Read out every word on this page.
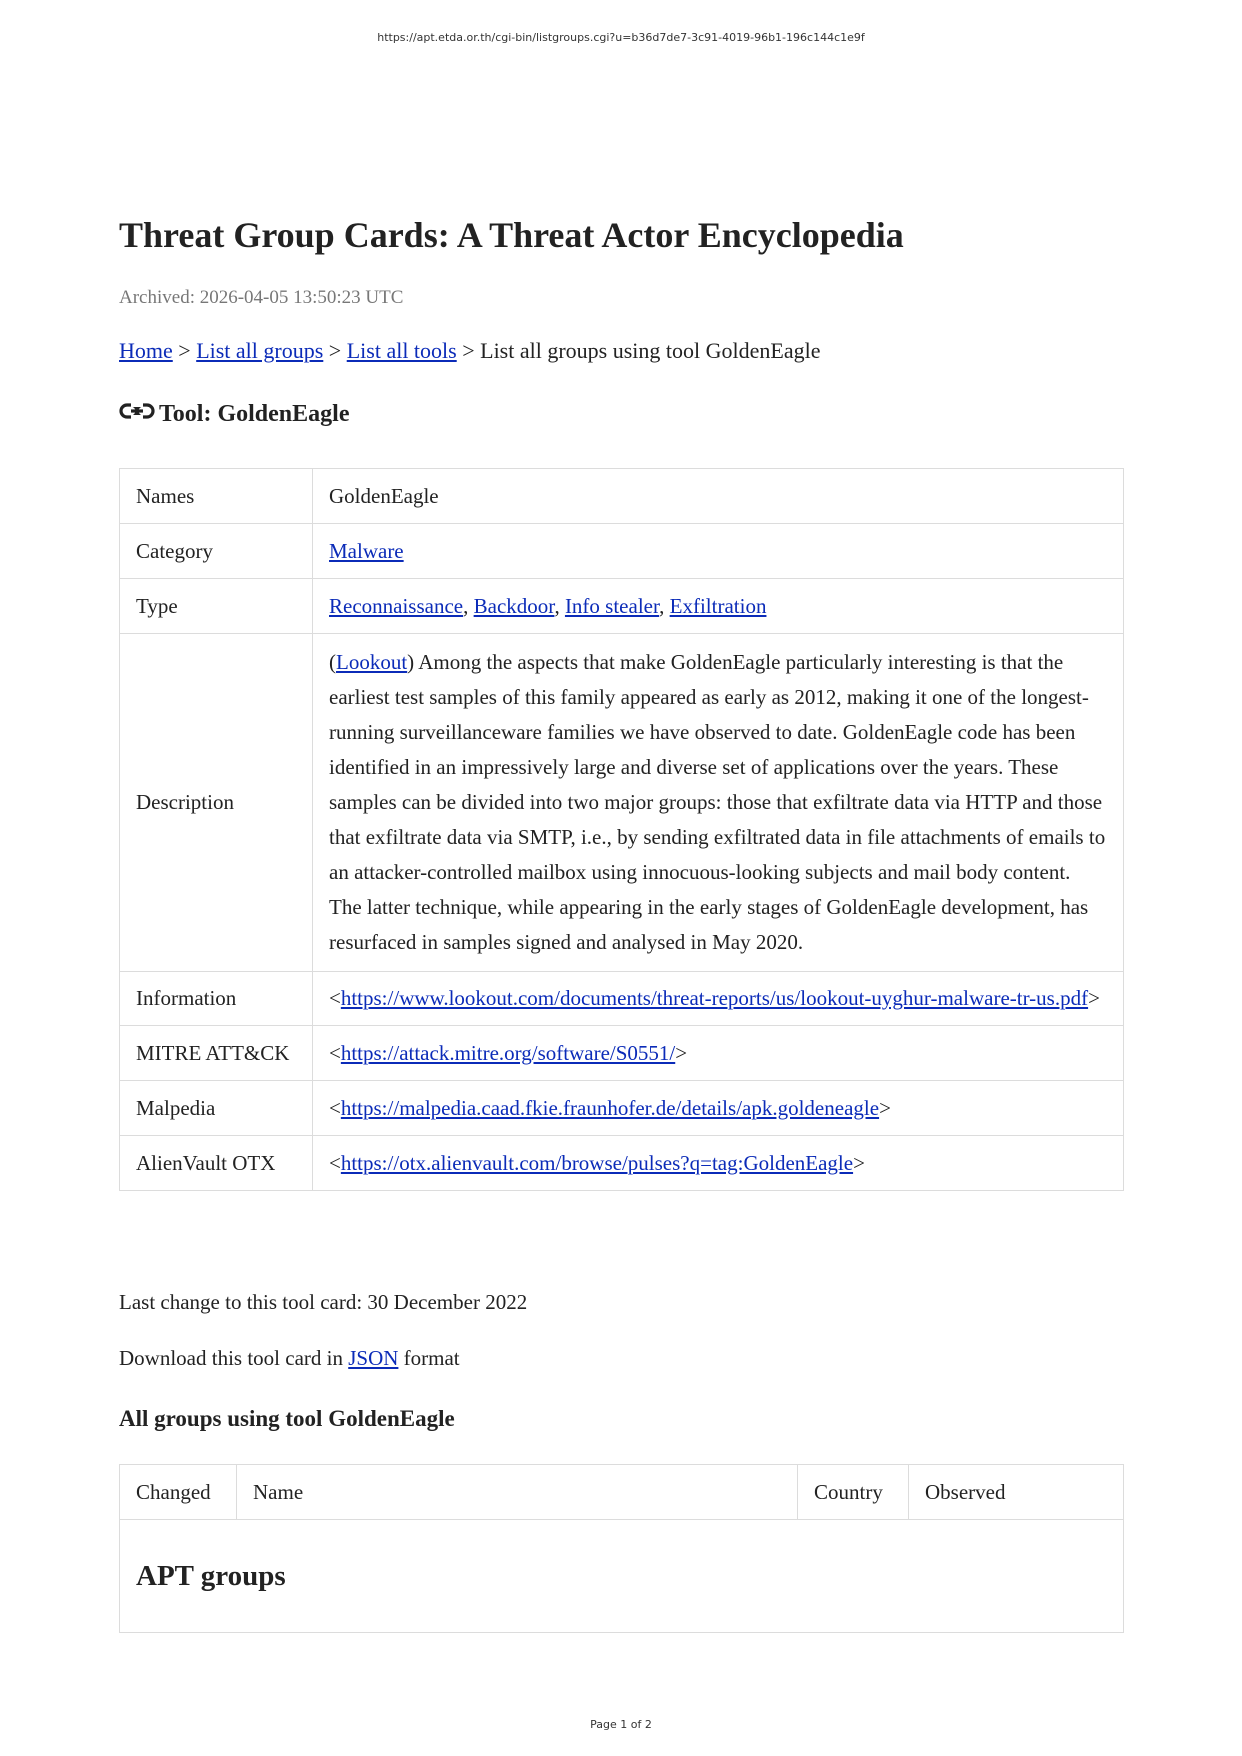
https://apt.etda.or.th/cgi-bin/listgroups.cgi?u=b36d7de7-3c91-4019-96b1-196c144c1e9f
Threat Group Cards: A Threat Actor Encyclopedia
Archived: 2026-04-05 13:50:23 UTC
Home > List all groups > List all tools > List all groups using tool GoldenEagle
Tool: GoldenEagle
Names	GoldenEagle
Category	Malware
Type	Reconnaissance, Backdoor, Info stealer, Exfiltration
Description	(Lookout) Among the aspects that make GoldenEagle particularly interesting is that the earliest test samples of this family appeared as early as 2012, making it one of the longest-running surveillanceware families we have observed to date. GoldenEagle code has been identified in an impressively large and diverse set of applications over the years. These samples can be divided into two major groups: those that exfiltrate data via HTTP and those that exfiltrate data via SMTP, i.e., by sending exfiltrated data in file attachments of emails to an attacker-controlled mailbox using innocuous-looking subjects and mail body content. The latter technique, while appearing in the early stages of GoldenEagle development, has resurfaced in samples signed and analysed in May 2020.
Information	<https://www.lookout.com/documents/threat-reports/us/lookout-uyghur-malware-tr-us.pdf>
MITRE ATT&CK	<https://attack.mitre.org/software/S0551/>
Malpedia	<https://malpedia.caad.fkie.fraunhofer.de/details/apk.goldeneagle>
AlienVault OTX	<https://otx.alienvault.com/browse/pulses?q=tag:GoldenEagle>
Last change to this tool card: 30 December 2022
Download this tool card in JSON format
All groups using tool GoldenEagle
Changed	Name	Country	Observed
APT groups
Page 1 of 2
